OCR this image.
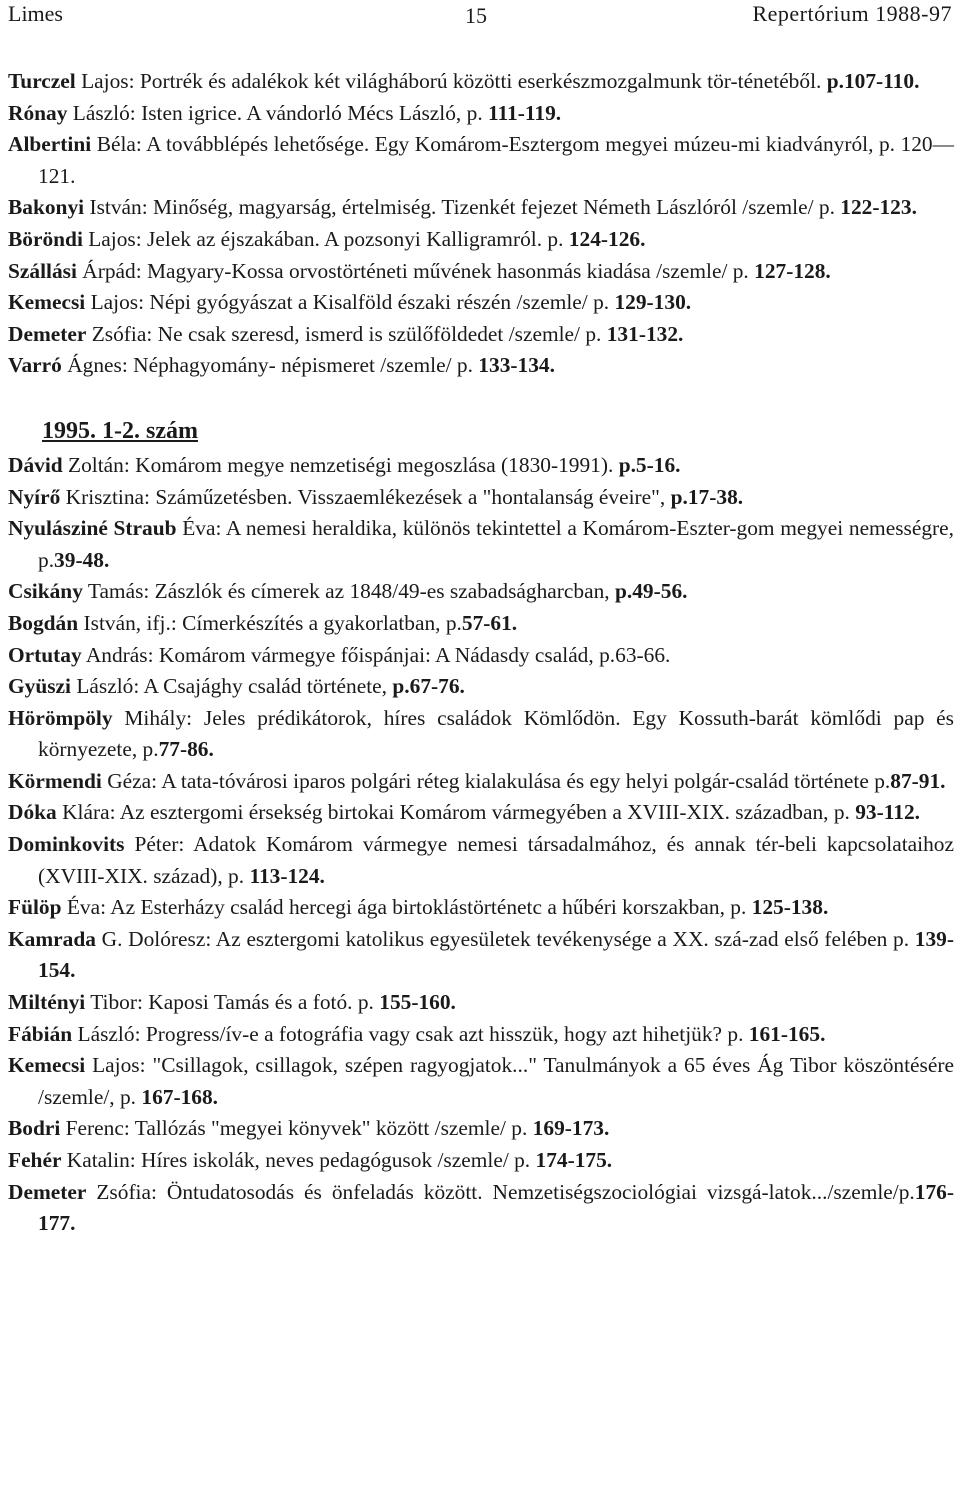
Limes	15	Repertórium 1988-97

Turczel Lajos: Portrék és adalékok két világháború közötti eserkészmozgalmunk tör-ténetéből. p.107-110.

Rónay László: Isten igrice. A vándorló Mécs László, p. 111-119.

Albertini Béla: A továbblépés lehetősége. Egy Komárom-Esztergom megyei múzeu-mi kiadványról, p. 120—121.

Bakonyi István: Minőség, magyarság, értelmiség. Tizenkét fejezet Németh Lászlóról /szemle/ p. 122-123.

Böröndi Lajos: Jelek az éjszakában. A pozsonyi Kalligramról. p. 124-126.

Szállási Árpád: Magyary-Kossa orvostörténeti művének hasonmás kiadása /szemle/ p. 127-128.

Kemecsi Lajos: Népi gyógyászat a Kisalföld északi részén /szemle/ p. 129-130.

Demeter Zsófia: Ne csak szeresd, ismerd is szülőföldedet /szemle/ p. 131-132.

Varró Ágnes: Néphagyomány- népismeret /szemle/ p. 133-134.

1995. 1-2. szám

Dávid Zoltán: Komárom megye nemzetiségi megoszlása (1830-1991). p.5-16.

Nyírő Krisztina: Száműzetésben. Visszaemlékezések a "hontalanság éveire", p.17-38.

Nyulásziné Straub Éva: A nemesi heraldika, különös tekintettel a Komárom-Eszter-gom megyei nemességre, p.39-48.

Csikány Tamás: Zászlók és címerek az 1848/49-es szabadságharcban, p.49-56.

Bogdán István, ifj.: Címerkészítés a gyakorlatban, p.57-61.

Ortutay András: Komárom vármegye főispánjai: A Nádasdy család, p.63-66.

Gyüszi László: A Csajághy család története, p.67-76.

Hörömpöly Mihály: Jeles prédikátorok, híres családok Kömlődön. Egy Kossuth-barát kömlődi pap és környezete, p.77-86.

Körmendi Géza: A tata-tóvárosi iparos polgári réteg kialakulása és egy helyi polgár-család története p.87-91.

Dóka Klára: Az esztergomi érsekség birtokai Komárom vármegyében a XVIII-XIX. században, p. 93-112.

Dominkovits Péter: Adatok Komárom vármegye nemesi társadalmához, és annak tér-beli kapcsolataihoz (XVIII-XIX. század), p. 113-124.

Fülöp Éva: Az Esterházy család hercegi ága birtoklástörténetc a hűbéri korszakban, p. 125-138.

Kamrada G. Dolóresz: Az esztergomi katolikus egyesületek tevékenysége a XX. szá-zad első felében p. 139-154.

Miltényi Tibor: Kaposi Tamás és a fotó. p. 155-160.

Fábián László: Progress/ív-e a fotográfia vagy csak azt hisszük, hogy azt hihetjük? p. 161-165.

Kemecsi Lajos: "Csillagok, csillagok, szépen ragyogjatok..." Tanulmányok a 65 éves Ág Tibor köszöntésére /szemle/, p. 167-168.

Bodri Ferenc: Tallózás "megyei könyvek" között /szemle/ p. 169-173.

Fehér Katalin: Híres iskolák, neves pedagógusok /szemle/ p. 174-175.

Demeter Zsófia: Öntudatosodás és önfeladás között. Nemzetiségszociológiai vizsgá-latok.../szemle/p.176-177.
